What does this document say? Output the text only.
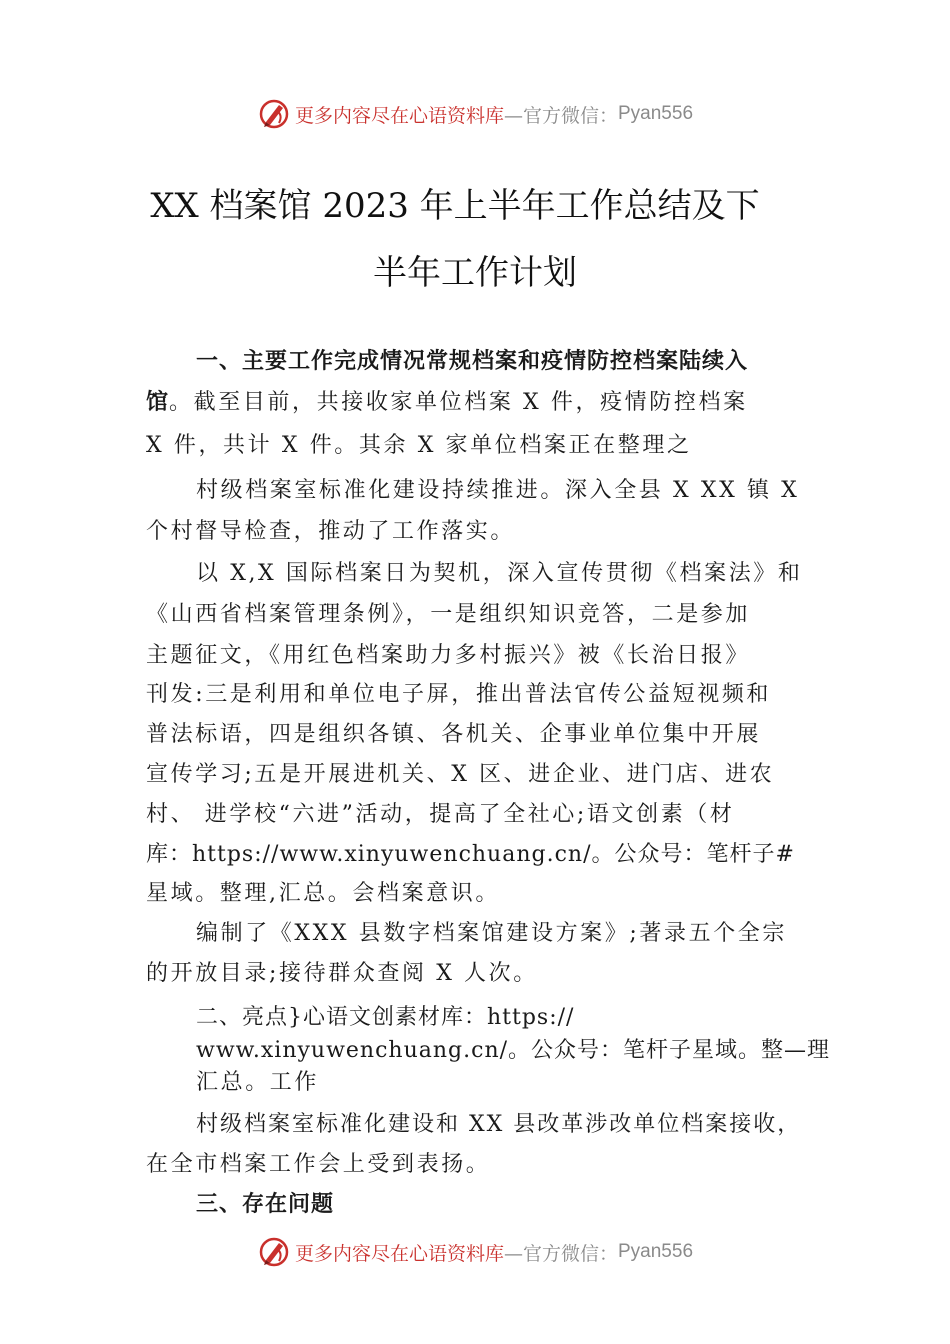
更多内容尽在心语资料库 —官方微信： Pyan556
XX 档案馆 2023 年上半年工作总结及下
半年工作计划

一、主要工作完成情况常规档案和疫情防控档案陆续入

馆。截至目前，共接收家单位档案 X 件，疫情防控档案

X 件，共计 X 件。其余 X 家单位档案正在整理之

村级档案室标准化建设持续推进。深入全县 X XX 镇 X

个村督导检查，推动了工作落实。

以 X,X 国际档案日为契机，深入宣传贯彻《档案法》和

《山西省档案管理条例》，一是组织知识竞答，二是参加

主题征文，《用红色档案助力多村振兴》被《长治日报》

刊发:三是利用和单位电子屏，推出普法官传公益短视频和

普法标语，四是组织各镇、各机关、企事业单位集中开展

宣传学习;五是开展进机关、X 区、进企业、进门店、进农

村、 进学校“六进”活动，提高了全社心;语文创素（材

库：https://www.xinyuwenchuang.cn/。公众号：笔杆子#

星域。整理,汇总。会档案意识。

编制了《XXX 县数字档案馆建设方案》;著录五个全宗

的开放目录;接待群众查阅 X 人次。

二、亮点}心语文创素材库：https://

www.xinyuwenchuang.cn/。公众号：笔杆子星域。整—理

汇总。工作

村级档案室标准化建设和 XX 县改革涉改单位档案接收，

在全市档案工作会上受到表扬。

三、存在问题

更多内容尽在心语资料库 —官方微信： Pyan556
